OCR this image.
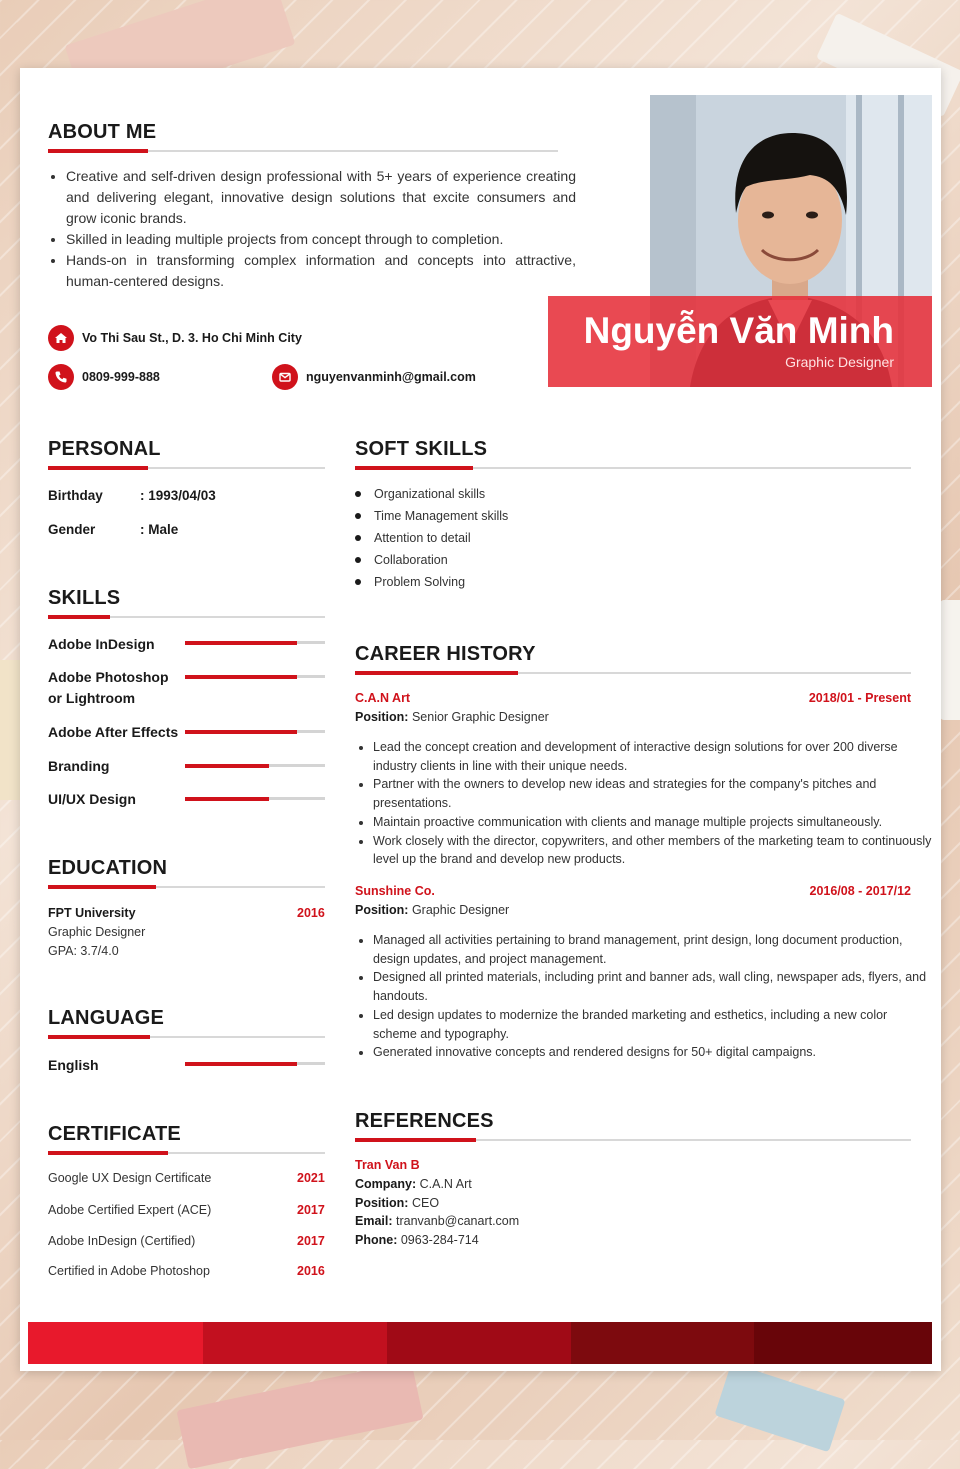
ABOUT ME
• Creative and self-driven design professional with 5+ years of experience creating and delivering elegant, innovative design solutions that excite consumers and grow iconic brands.
• Skilled in leading multiple projects from concept through to completion.
• Hands-on in transforming complex information and concepts into attractive, human-centered designs.
Vo Thi Sau St., D. 3. Ho Chi Minh City
0809-999-888	nguyenvanminh@gmail.com
Nguyễn Văn Minh
Graphic Designer
PERSONAL
Birthday	: 1993/04/03
Gender	: Male
SKILLS
Adobe InDesign
Adobe Photoshop or Lightroom
Adobe After Effects
Branding
UI/UX Design
EDUCATION
FPT University	2016
Graphic Designer
GPA: 3.7/4.0
LANGUAGE
English
CERTIFICATE
Google UX Design Certificate	2021
Adobe Certified Expert (ACE)	2017
Adobe InDesign (Certified)	2017
Certified in Adobe Photoshop	2016
SOFT SKILLS
Organizational skills
Time Management skills
Attention to detail
Collaboration
Problem Solving
CAREER HISTORY
C.A.N Art	2018/01 - Present
Position: Senior Graphic Designer
• Lead the concept creation and development of interactive design solutions for over 200 diverse industry clients in line with their unique needs.
• Partner with the owners to develop new ideas and strategies for the company's pitches and presentations.
• Maintain proactive communication with clients and manage multiple projects simultaneously.
• Work closely with the director, copywriters, and other members of the marketing team to continuously level up the brand and develop new products.
Sunshine Co.	2016/08 - 2017/12
Position: Graphic Designer
• Managed all activities pertaining to brand management, print design, long document production, design updates, and project management.
• Designed all printed materials, including print and banner ads, wall cling, newspaper ads, flyers, and handouts.
• Led design updates to modernize the branded marketing and esthetics, including a new color scheme and typography.
• Generated innovative concepts and rendered designs for 50+ digital campaigns.
REFERENCES
Tran Van B
Company: C.A.N Art
Position: CEO
Email: tranvanb@canart.com
Phone: 0963-284-714
